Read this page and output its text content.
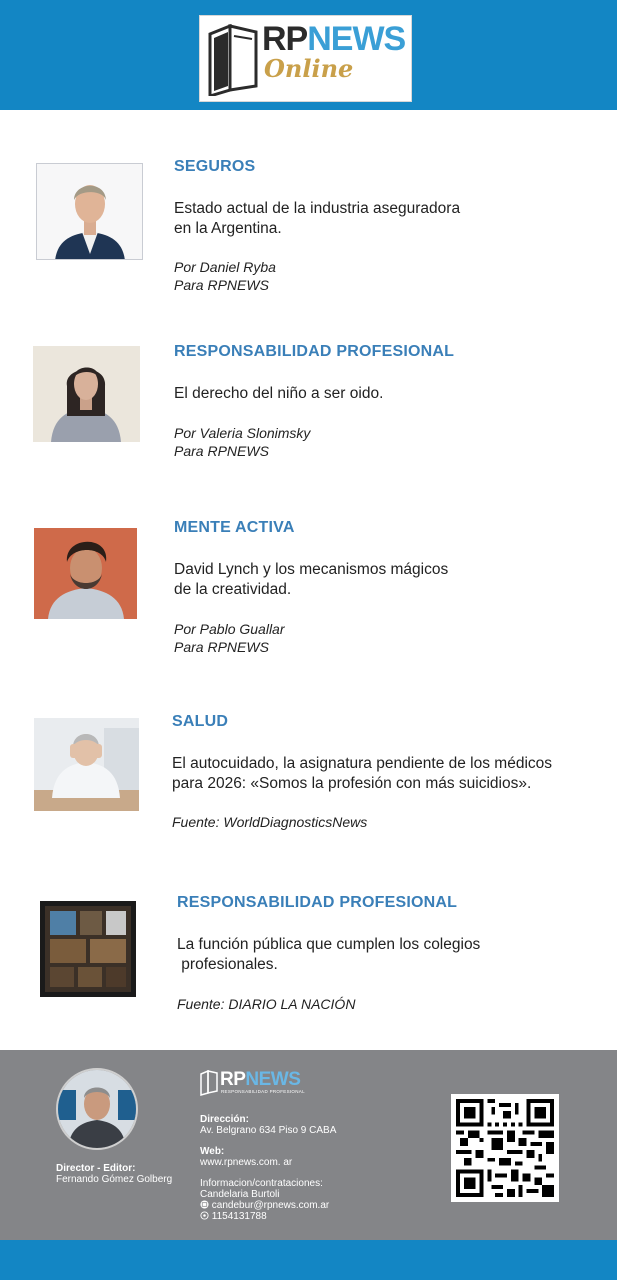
RPNEWS
Online
SEGUROS
Estado actual de la industria aseguradora
en la Argentina.
Por Daniel Ryba
Para RPNEWS
RESPONSABILIDAD PROFESIONAL
El derecho del niño a ser oido.
Por Valeria Slonimsky
Para RPNEWS
MENTE ACTIVA
David Lynch y los mecanismos mágicos
de la creatividad.
Por Pablo Guallar
Para RPNEWS
SALUD
El autocuidado, la asignatura pendiente de los médicos
para 2026: «Somos la profesión con más suicidios».
Fuente: WorldDiagnosticsNews
RESPONSABILIDAD PROFESIONAL
La función pública que cumplen los colegios
profesionales.
Fuente: DIARIO LA NACIÓN
Director - Editor:
Fernando Gómez Golberg
RPNEWS
RESPONSABILIDAD PROFESIONAL
Dirección:
Av. Belgrano 634 Piso 9 CABA
Web:
www.rpnews.com. ar
Informacion/contrataciones:
Candelaria Burtoli
candebur@rpnews.com.ar
1154131788
